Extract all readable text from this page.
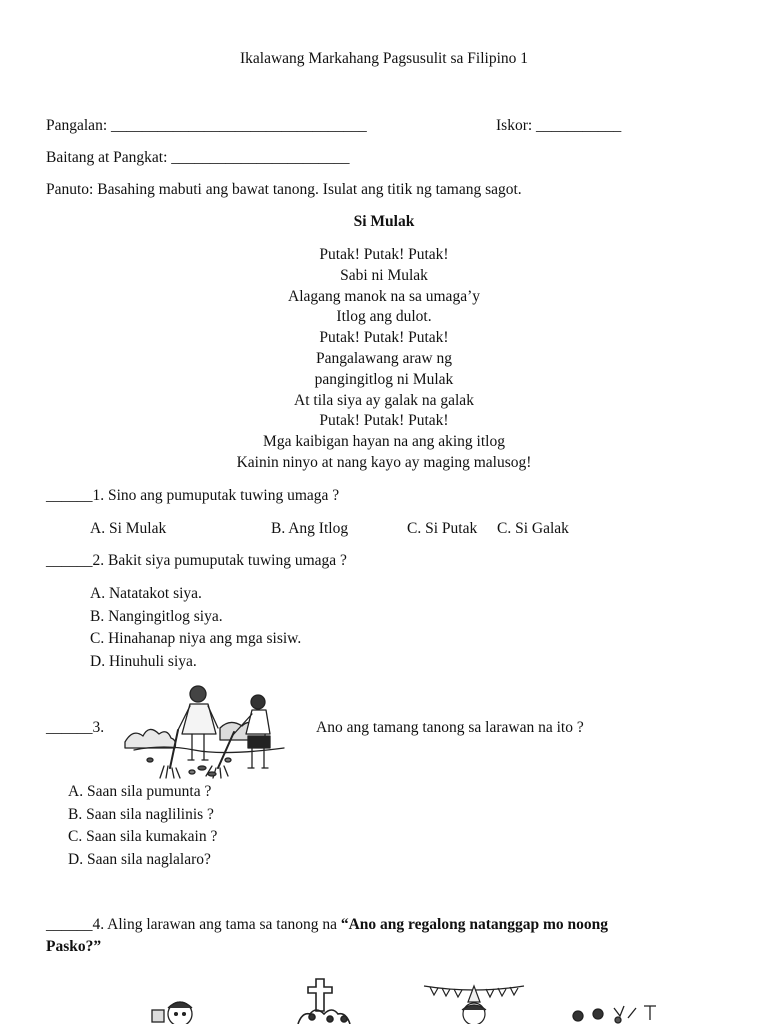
Ikalawang Markahang Pagsusulit sa Filipino 1
Pangalan: _________________________________	Iskor: ___________
Baitang at Pangkat: _______________________
Panuto: Basahing mabuti ang bawat tanong. Isulat ang titik ng tamang sagot.
Si Mulak
Putak! Putak! Putak!
Sabi ni Mulak
Alagang manok na sa umaga’y
Itlog ang dulot.
Putak! Putak! Putak!
Pangalawang araw ng
pangingitlog ni Mulak
At tila siya ay galak na galak
Putak! Putak! Putak!
Mga kaibigan hayan na ang aking itlog
Kainin ninyo at nang kayo ay maging malusog!
______1. Sino ang pumuputak tuwing umaga ?
A. Si Mulak	B. Ang Itlog	C. Si Putak C. Si Galak
______2. Bakit siya pumuputak tuwing umaga ?
A. Natatakot siya.
B. Nangingitlog siya.
C. Hinahanap niya ang mga sisiw.
D. Hinuhuli siya.
______3.	Ano ang tamang tanong sa larawan na ito ?
A. Saan sila pumunta ?
B. Saan sila naglilinis ?
C. Saan sila kumakain ?
D. Saan sila naglalaro?
______4. Aling larawan ang tama sa tanong na “Ano ang regalong natanggap mo noong
Pasko?”
